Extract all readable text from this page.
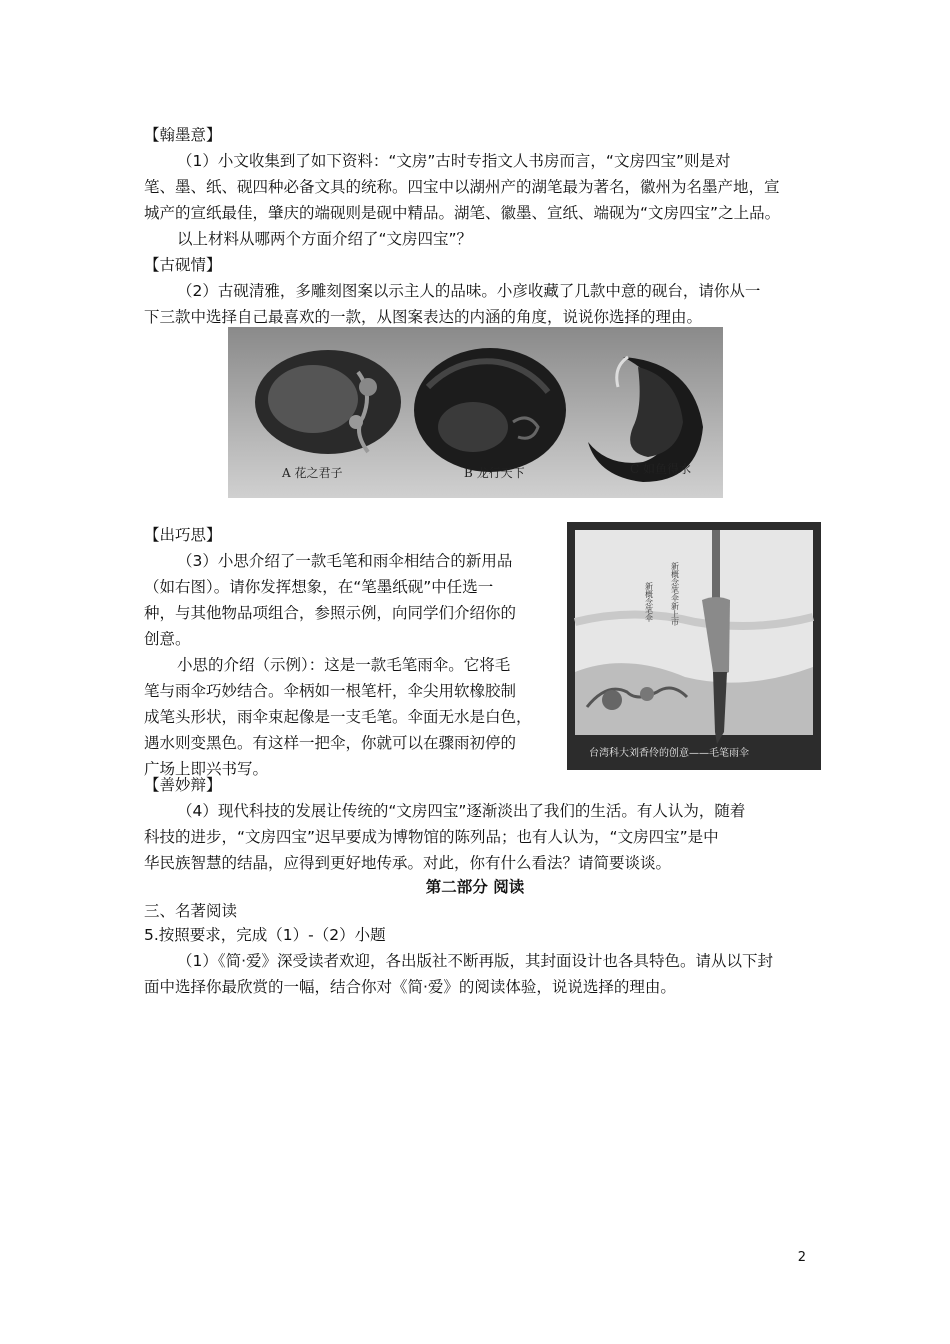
【翰墨意】
（1）小文收集到了如下资料：“文房”古时专指文人书房而言，“文房四宝”则是对
笔、墨、纸、砚四种必备文具的统称。四宝中以湖州产的湖笔最为著名，徽州为名墨产地，宣
城产的宣纸最佳，肇庆的端砚则是砚中精品。湖笔、徽墨、宣纸、端砚为“文房四宝”之上品。
以上材料从哪两个方面介绍了“文房四宝”？
【古砚情】
（2）古砚清雅，多雕刻图案以示主人的品味。小彦收藏了几款中意的砚台，请你从一
下三款中选择自己最喜欢的一款，从图案表达的内涵的角度，说说你选择的理由。
A 花之君子	B 龙行天下	C 如鱼得水
【出巧思】
（3）小思介绍了一款毛笔和雨伞相结合的新用品
（如右图）。请你发挥想象，在“笔墨纸砚”中任选一
种，与其他物品项组合，参照示例，向同学们介绍你的
创意。
小思的介绍（示例）：这是一款毛笔雨伞。它将毛
笔与雨伞巧妙结合。伞柄如一根笔杆，伞尖用软橡胶制
成笔头形状，雨伞束起像是一支毛笔。伞面无水是白色，
遇水则变黑色。有这样一把伞，你就可以在骤雨初停的
广场上即兴书写。
新概念笔伞 新概念笔伞新上市
台湾科大刘香伶的创意——毛笔雨伞
【善妙辩】
（4）现代科技的发展让传统的“文房四宝”逐渐淡出了我们的生活。有人认为，随着
科技的进步，“文房四宝”迟早要成为博物馆的陈列品；也有人认为，“文房四宝”是中
华民族智慧的结晶，应得到更好地传承。对此，你有什么看法？请简要谈谈。
第二部分 阅读
三、名著阅读
5.按照要求，完成（1）-（2）小题
（1）《简·爱》深受读者欢迎，各出版社不断再版，其封面设计也各具特色。请从以下封
面中选择你最欣赏的一幅，结合你对《简·爱》的阅读体验，说说选择的理由。
2
